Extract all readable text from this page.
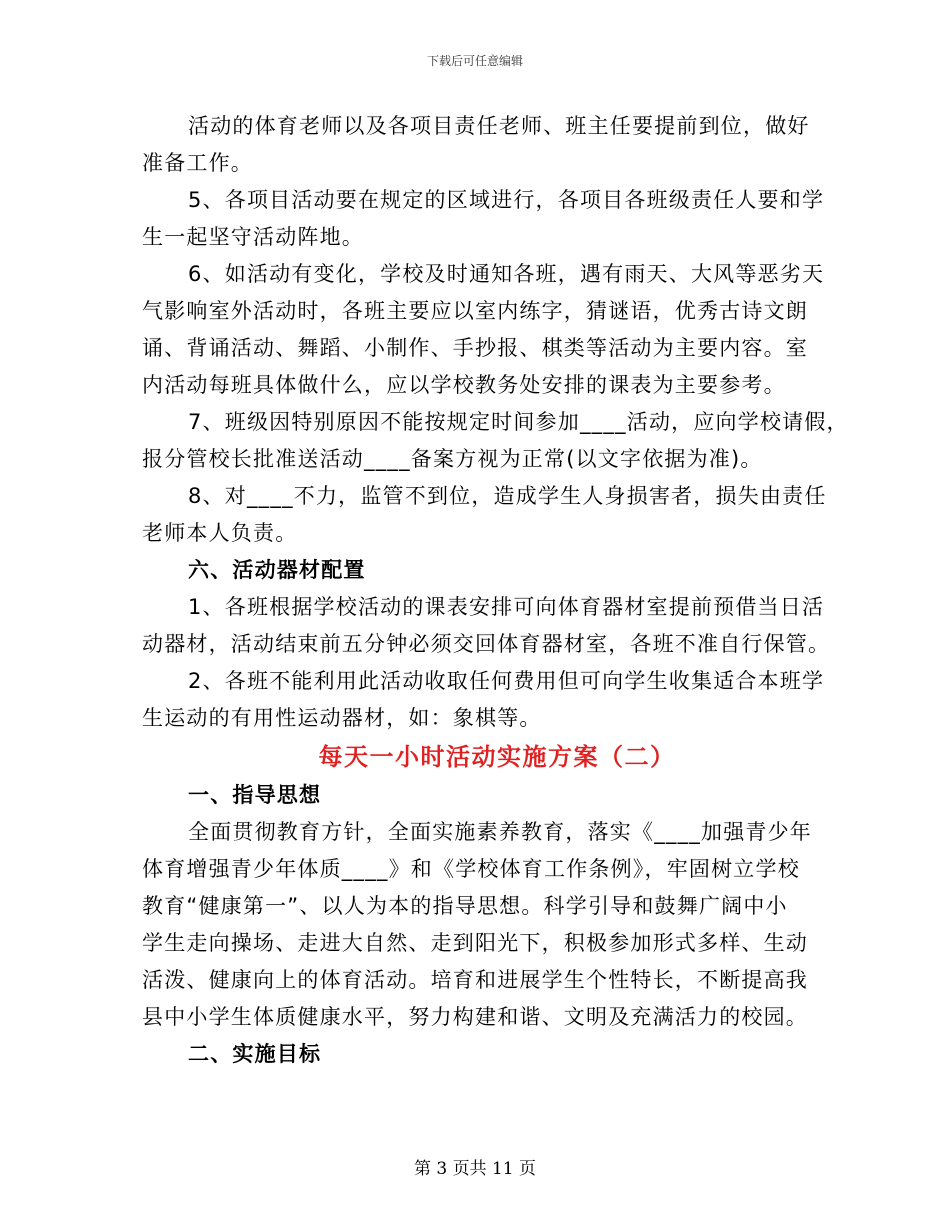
下载后可任意编辑

活动的体育老师以及各项目责任老师、班主任要提前到位，做好
准备工作。

5、各项目活动要在规定的区域进行，各项目各班级责任人要和学
生一起坚守活动阵地。

6、如活动有变化，学校及时通知各班，遇有雨天、大风等恶劣天
气影响室外活动时，各班主要应以室内练字，猜谜语，优秀古诗文朗
诵、背诵活动、舞蹈、小制作、手抄报、棋类等活动为主要内容。室
内活动每班具体做什么，应以学校教务处安排的课表为主要参考。

7、班级因特别原因不能按规定时间参加____活动，应向学校请假，
报分管校长批准送活动____备案方视为正常(以文字依据为准)。

8、对____不力，监管不到位，造成学生人身损害者，损失由责任
老师本人负责。

六、活动器材配置

1、各班根据学校活动的课表安排可向体育器材室提前预借当日活
动器材，活动结束前五分钟必须交回体育器材室，各班不准自行保管。

2、各班不能利用此活动收取任何费用但可向学生收集适合本班学
生运动的有用性运动器材，如：象棋等。

每天一小时活动实施方案（二）

一、指导思想

全面贯彻教育方针，全面实施素养教育，落实《____加强青少年
体育增强青少年体质____》和《学校体育工作条例》，牢固树立学校
教育“健康第一”、以人为本的指导思想。科学引导和鼓舞广阔中小
学生走向操场、走进大自然、走到阳光下，积极参加形式多样、生动
活泼、健康向上的体育活动。培育和进展学生个性特长，不断提高我
县中小学生体质健康水平，努力构建和谐、文明及充满活力的校园。

二、实施目标

第 3 页共 11 页
